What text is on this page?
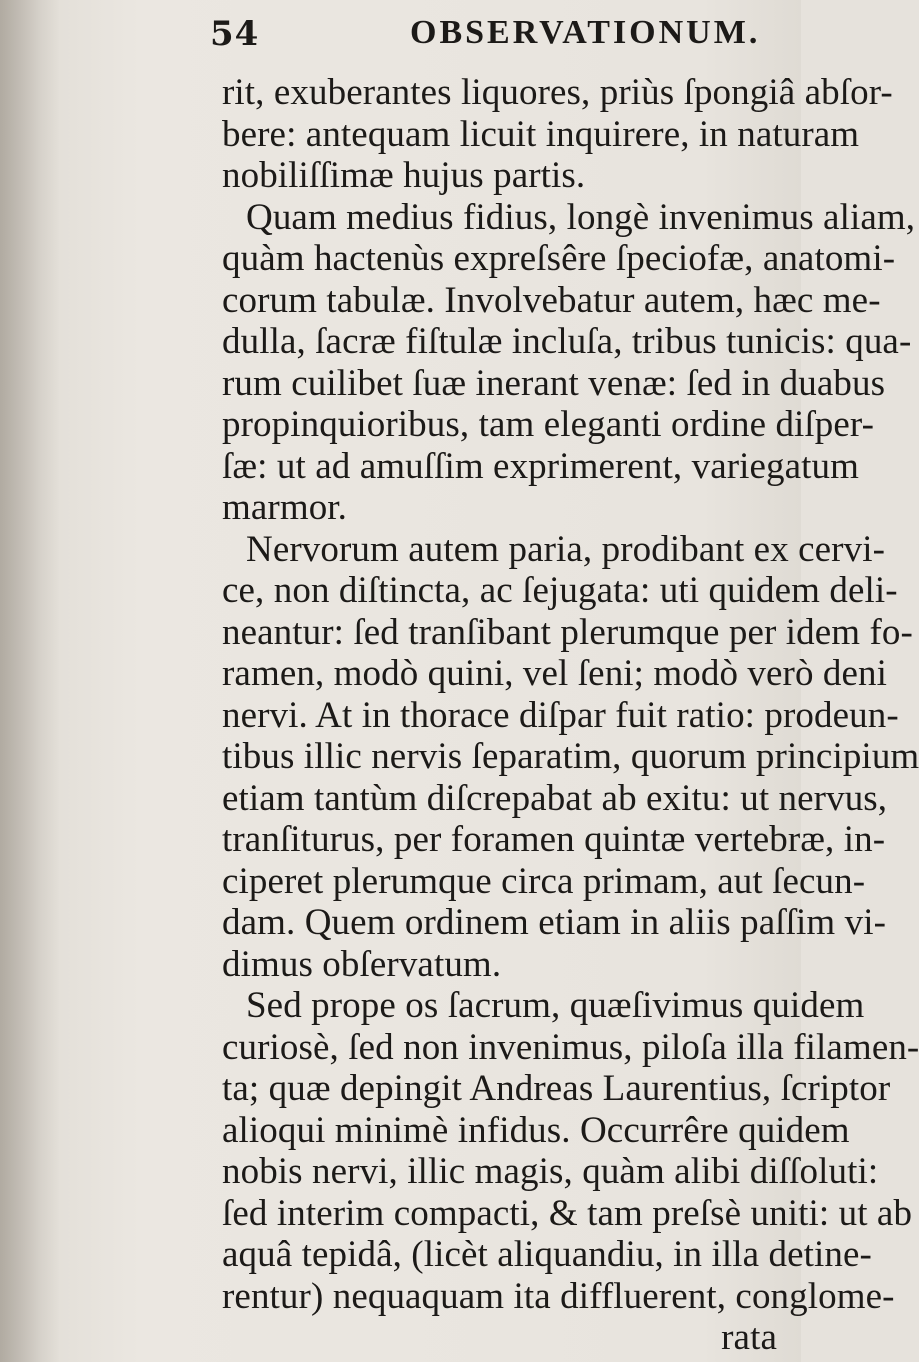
54	OBSERVATIONUM.
rit, exuberantes liquores, priùs ſpongiâ abſor-
bere: antequam licuit inquirere, in naturam
nobiliſſimæ hujus partis.
Quam medius fidius, longè invenimus aliam,
quàm hactenùs expreſsêre ſpeciofæ, anatomi-
corum tabulæ. Involvebatur autem, hæc me-
dulla, ſacræ fiſtulæ incluſa, tribus tunicis: qua-
rum cuilibet ſuæ inerant venæ: ſed in duabus
propinquioribus, tam eleganti ordine diſper-
ſæ: ut ad amuſſim exprimerent, variegatum
marmor.
Nervorum autem paria, prodibant ex cervi-
ce, non diſtincta, ac ſejugata: uti quidem deli-
neantur: ſed tranſibant plerumque per idem fo-
ramen, modò quini, vel ſeni; modò verò deni
nervi. At in thorace diſpar fuit ratio: prodeun-
tibus illic nervis ſeparatim, quorum principium
etiam tantùm diſcrepabat ab exitu: ut nervus,
tranſiturus, per foramen quintæ vertebræ, in-
ciperet plerumque circa primam, aut ſecun-
dam. Quem ordinem etiam in aliis paſſim vi-
dimus obſervatum.
Sed prope os ſacrum, quæſivimus quidem
curiosè, ſed non invenimus, piloſa illa filamen-
ta; quæ depingit Andreas Laurentius, ſcriptor
alioqui minimè infidus. Occurrêre quidem
nobis nervi, illic magis, quàm alibi diſſoluti:
ſed interim compacti, & tam preſsè uniti: ut ab
aquâ tepidâ, (licèt aliquandiu, in illa detine-
rentur) nequaquam ita diffluerent, conglome-
rata
